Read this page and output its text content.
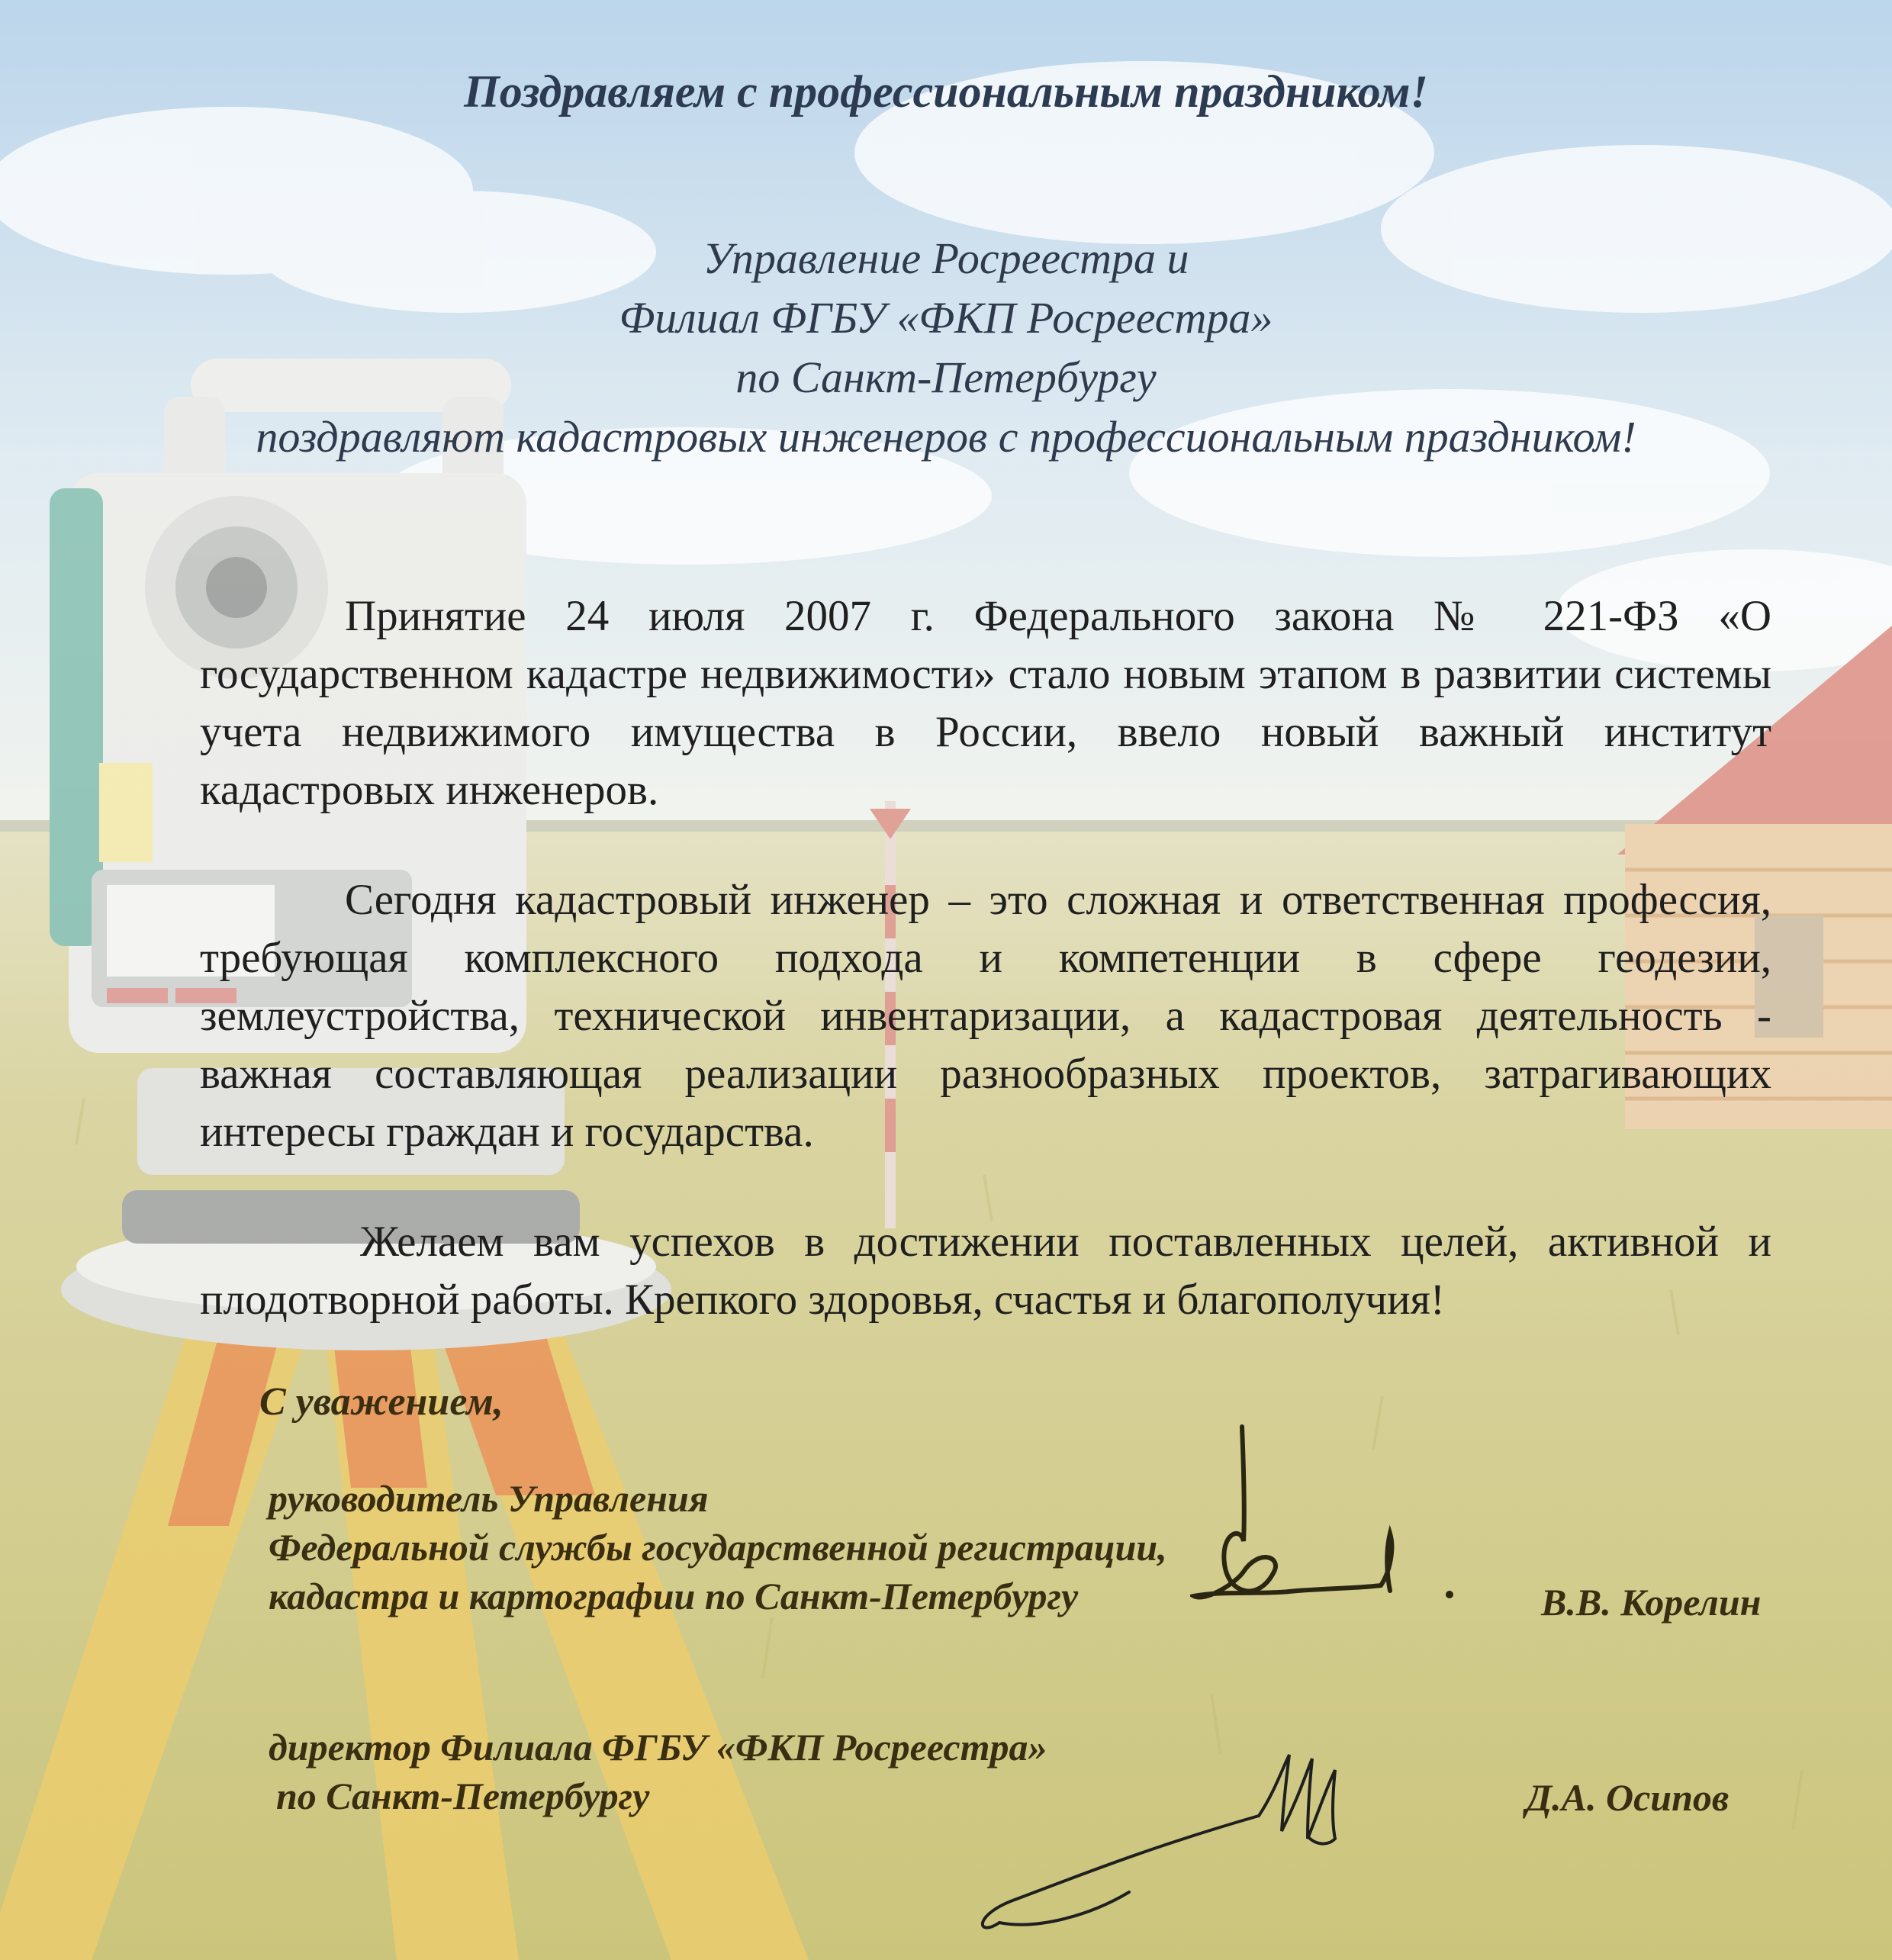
Поздравляем с профессиональным праздником!
Управление Росреестра и
Филиал ФГБУ «ФКП Росреестра»
по Санкт-Петербургу
поздравляют кадастровых инженеров с профессиональным праздником!
Принятие 24 июля 2007 г. Федерального закона № 221-ФЗ «О государственном кадастре недвижимости» стало новым этапом в развитии системы учета недвижимого имущества в России, ввело новый важный институт кадастровых инженеров.
Сегодня кадастровый инженер – это сложная и ответственная профессия, требующая комплексного подхода и компетенции в сфере геодезии, землеустройства, технической инвентаризации, а кадастровая деятельность - важная составляющая реализации разнообразных проектов, затрагивающих интересы граждан и государства.
Желаем вам успехов в достижении поставленных целей, активной и плодотворной работы. Крепкого здоровья, счастья и благополучия!
С уважением,
руководитель Управления
Федеральной службы государственной регистрации,
кадастра и картографии по Санкт-Петербургу	В.В. Корелин
директор Филиала ФГБУ «ФКП Росреестра»
по Санкт-Петербургу	Д.А. Осипов
